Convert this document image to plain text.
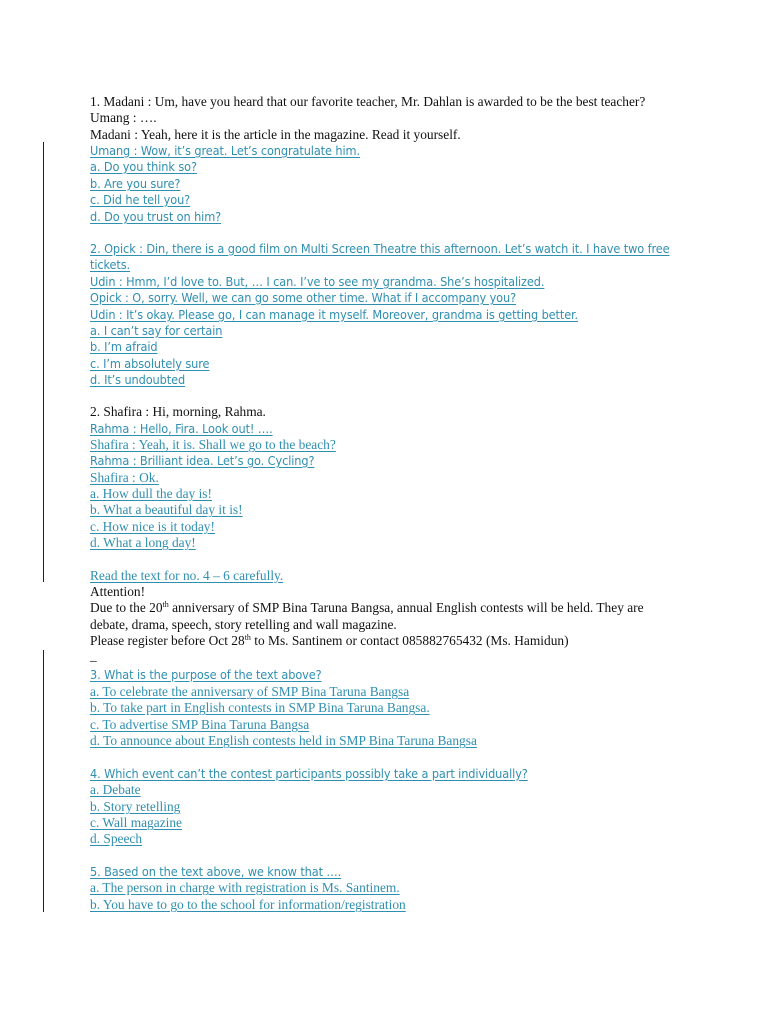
1. Madani : Um, have you heard that our favorite teacher, Mr. Dahlan is awarded to be the best teacher?
Umang : ….
Madani : Yeah, here it is the article in the magazine. Read it yourself.
Umang : Wow, it’s great. Let’s congratulate him.
a. Do you think so?
b. Are you sure?
c. Did he tell you?
d. Do you trust on him?
2. Opick : Din, there is a good film on Multi Screen Theatre this afternoon. Let’s watch it. I have two free
tickets.
Udin : Hmm, I’d love to. But, … I can. I’ve to see my grandma. She’s hospitalized.
Opick : O, sorry. Well, we can go some other time. What if I accompany you?
Udin : It’s okay. Please go, I can manage it myself. Moreover, grandma is getting better.
a. I can’t say for certain
b. I’m afraid
c. I’m absolutely sure
d. It’s undoubted
2. Shafira : Hi, morning, Rahma.
Rahma : Hello, Fira. Look out! ….
Shafira : Yeah, it is. Shall we go to the beach?
Rahma : Brilliant idea. Let’s go. Cycling?
Shafira : Ok.
a. How dull the day is!
b. What a beautiful day it is!
c. How nice is it today!
d. What a long day!
Read the text for no. 4 – 6 carefully.
Attention!
Due to the 20th anniversary of SMP Bina Taruna Bangsa, annual English contests will be held. They are
debate, drama, speech, story retelling and wall magazine.
Please register before Oct 28th to Ms. Santinem or contact 085882765432 (Ms. Hamidun)
_
3. What is the purpose of the text above?
a. To celebrate the anniversary of SMP Bina Taruna Bangsa
b. To take part in English contests in SMP Bina Taruna Bangsa.
c. To advertise SMP Bina Taruna Bangsa
d. To announce about English contests held in SMP Bina Taruna Bangsa
4. Which event can’t the contest participants possibly take a part individually?
a. Debate
b. Story retelling
c. Wall magazine
d. Speech
5. Based on the text above, we know that ….
a. The person in charge with registration is Ms. Santinem.
b. You have to go to the school for information/registration
